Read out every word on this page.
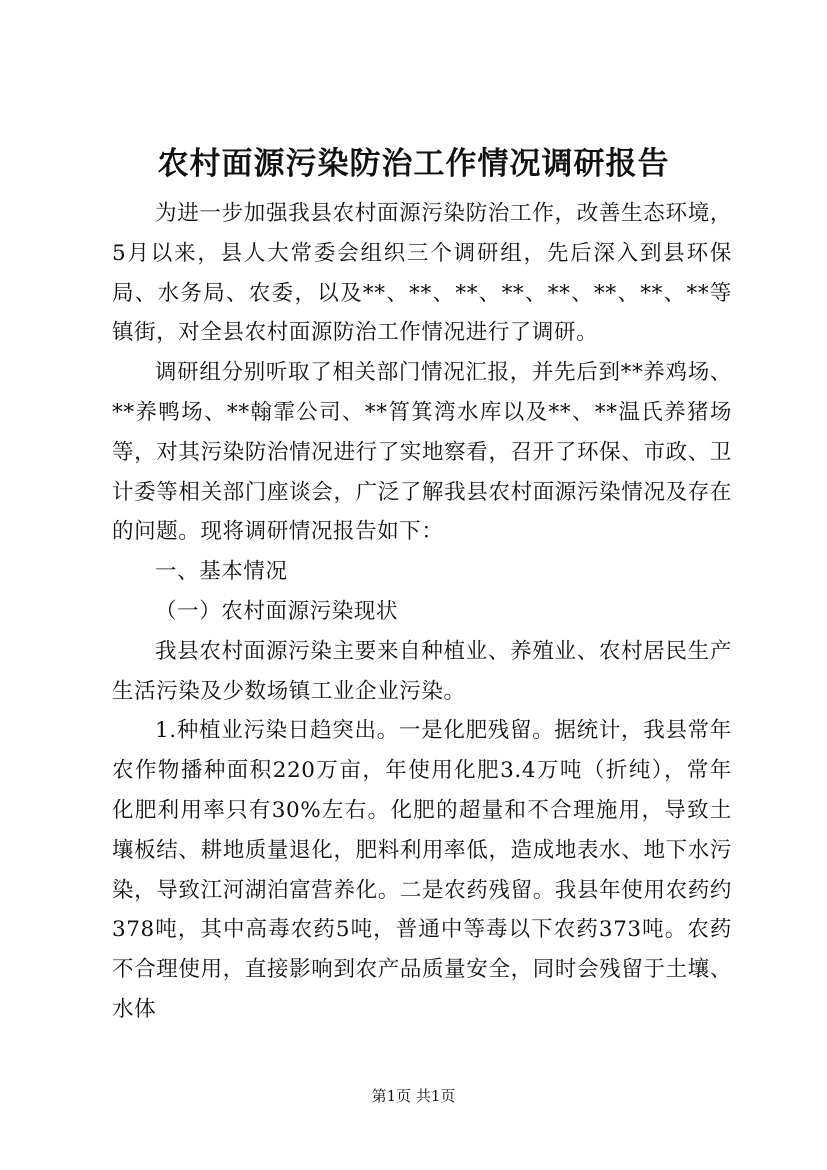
农村面源污染防治工作情况调研报告

为进一步加强我县农村面源污染防治工作，改善生态环境，5月以来，县人大常委会组织三个调研组，先后深入到县环保局、水务局、农委，以及**、**、**、**、**、**、**、**等镇街，对全县农村面源防治工作情况进行了调研。

调研组分别听取了相关部门情况汇报，并先后到**养鸡场、**养鸭场、**翰霏公司、**筲箕湾水库以及**、**温氏养猪场等，对其污染防治情况进行了实地察看，召开了环保、市政、卫计委等相关部门座谈会，广泛了解我县农村面源污染情况及存在的问题。现将调研情况报告如下：

一、基本情况

（一）农村面源污染现状

我县农村面源污染主要来自种植业、养殖业、农村居民生产生活污染及少数场镇工业企业污染。

1.种植业污染日趋突出。一是化肥残留。据统计，我县常年农作物播种面积220万亩，年使用化肥3.4万吨（折纯），常年化肥利用率只有30%左右。化肥的超量和不合理施用，导致土壤板结、耕地质量退化，肥料利用率低，造成地表水、地下水污染，导致江河湖泊富营养化。二是农药残留。我县年使用农药约378吨，其中高毒农药5吨，普通中等毒以下农药373吨。农药不合理使用，直接影响到农产品质量安全，同时会残留于土壤、水体

第1页 共1页
